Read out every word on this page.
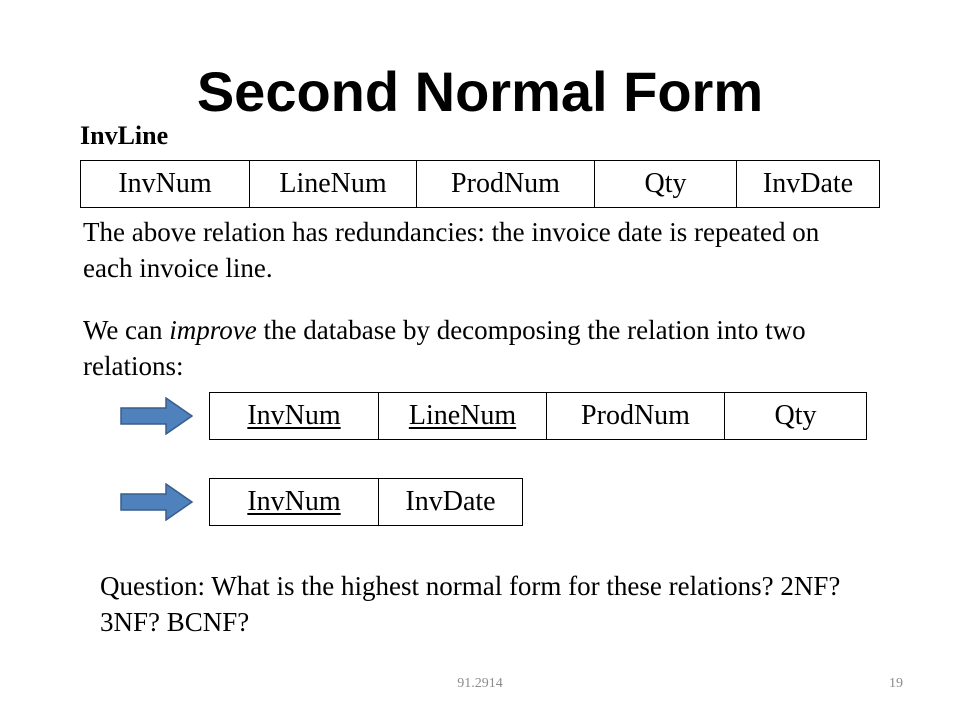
Second Normal Form
InvLine
InvNum	LineNum	ProdNum	Qty	InvDate

The above relation has redundancies: the invoice date is repeated on each invoice line.

We can improve the database by decomposing the relation into two relations:

InvNum	LineNum	ProdNum	Qty
InvNum	InvDate

Question: What is the highest normal form for these relations? 2NF? 3NF? BCNF?

91.2914	19
